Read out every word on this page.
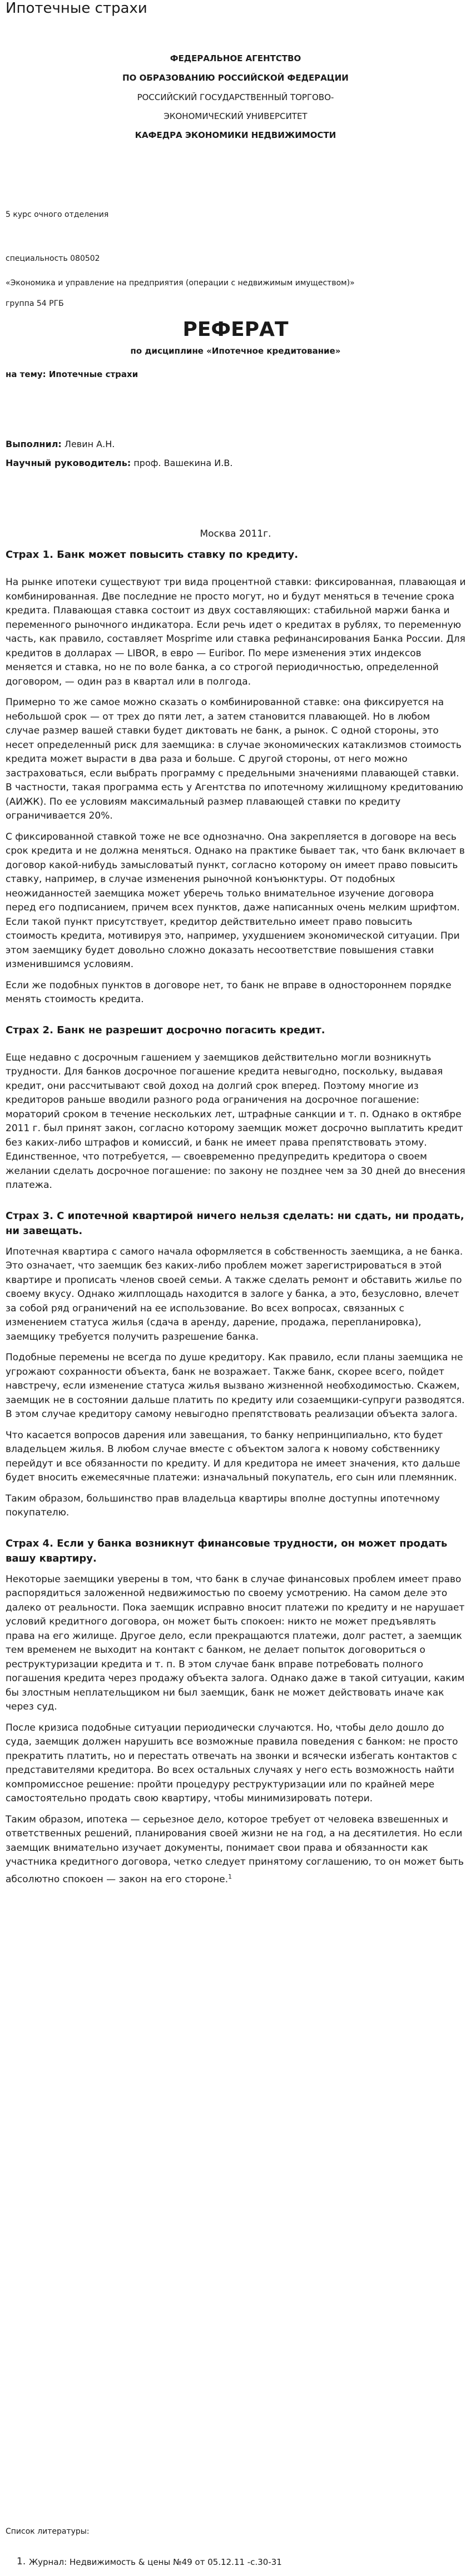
Ипотечные страхи
ФЕДЕРАЛЬНОЕ АГЕНТСТВО
ПО ОБРАЗОВАНИЮ РОССИЙСКОЙ ФЕДЕРАЦИИ
РОССИЙСКИЙ ГОСУДАРСТВЕННЫЙ ТОРГОВО-
ЭКОНОМИЧЕСКИЙ УНИВЕРСИТЕТ
КАФЕДРА ЭКОНОМИКИ НЕДВИЖИМОСТИ
5 курс очного отделения
специальность 080502
«Экономика и управление на предприятия (операции с недвижимым имуществом)»
группа 54 РГБ
РЕФЕРАТ
по дисциплине «Ипотечное кредитование»
на тему: Ипотечные страхи
Выполнил: Левин А.Н.
Научный руководитель: проф. Вашекина И.В.
Москва 2011г.
Страх 1. Банк может повысить ставку по кредиту.

На рынке ипотеки существуют три вида процентной ставки: фиксированная, плавающая и комбинированная. Две последние не просто могут, но и будут меняться в течение срока кредита. Плавающая ставка состоит из двух составляющих: стабильной маржи банка и переменного рыночного индикатора. Если речь идет о кредитах в рублях, то переменную часть, как правило, составляет Mosprime или ставка рефинансирования Банка России. Для кредитов в долларах — LIBOR, в евро — Euribor. По мере изменения этих индексов меняется и ставка, но не по воле банка, а со строгой периодичностью, определенной договором, — один раз в квартал или в полгода.

Примерно то же самое можно сказать о комбинированной ставке: она фиксируется на небольшой срок — от трех до пяти лет, а затем становится плавающей. Но в любом случае размер вашей ставки будет диктовать не банк, а рынок. С одной стороны, это несет определенный риск для заемщика: в случае экономических катаклизмов стоимость кредита может вырасти в два раза и больше. С другой стороны, от него можно застраховаться, если выбрать программу с предельными значениями плавающей ставки. В частности, такая программа есть у Агентства по ипотечному жилищному кредитованию (АИЖК). По ее условиям максимальный размер плавающей ставки по кредиту ограничивается 20%.

С фиксированной ставкой тоже не все однозначно. Она закрепляется в договоре на весь срок кредита и не должна меняться. Однако на практике бывает так, что банк включает в договор какой-нибудь замысловатый пункт, согласно которому он имеет право повысить ставку, например, в случае изменения рыночной конъюнктуры. От подобных неожиданностей заемщика может уберечь только внимательное изучение договора перед его подписанием, причем всех пунктов, даже написанных очень мелким шрифтом. Если такой пункт присутствует, кредитор действительно имеет право повысить стоимость кредита, мотивируя это, например, ухудшением экономической ситуации. При этом заемщику будет довольно сложно доказать несоответствие повышения ставки изменившимся условиям.

Если же подобных пунктов в договоре нет, то банк не вправе в одностороннем порядке менять стоимость кредита.

Страх 2. Банк не разрешит досрочно погасить кредит.

Еще недавно с досрочным гашением у заемщиков действительно могли возникнуть трудности. Для банков досрочное погашение кредита невыгодно, поскольку, выдавая кредит, они рассчитывают свой доход на долгий срок вперед. Поэтому многие из кредиторов раньше вводили разного рода ограничения на досрочное погашение: мораторий сроком в течение нескольких лет, штрафные санкции и т. п. Однако в октябре 2011 г. был принят закон, согласно которому заемщик может досрочно выплатить кредит без каких-либо штрафов и комиссий, и банк не имеет права препятствовать этому. Единственное, что потребуется, — своевременно предупредить кредитора о своем желании сделать досрочное погашение: по закону не позднее чем за 30 дней до внесения платежа.

Страх 3. С ипотечной квартирой ничего нельзя сделать: ни сдать, ни продать, ни завещать.

Ипотечная квартира с самого начала оформляется в собственность заемщика, а не банка. Это означает, что заемщик без каких-либо проблем может зарегистрироваться в этой квартире и прописать членов своей семьи. А также сделать ремонт и обставить жилье по своему вкусу. Однако жилплощадь находится в залоге у банка, а это, безусловно, влечет за собой ряд ограничений на ее использование. Во всех вопросах, связанных с изменением статуса жилья (сдача в аренду, дарение, продажа, перепланировка), заемщику требуется получить разрешение банка.

Подобные перемены не всегда по душе кредитору. Как правило, если планы заемщика не угрожают сохранности объекта, банк не возражает. Также банк, скорее всего, пойдет навстречу, если изменение статуса жилья вызвано жизненной необходимостью. Скажем, заемщик не в состоянии дальше платить по кредиту или созаемщики-супруги разводятся. В этом случае кредитору самому невыгодно препятствовать реализации объекта залога.

Что касается вопросов дарения или завещания, то банку непринципиально, кто будет владельцем жилья. В любом случае вместе с объектом залога к новому собственнику перейдут и все обязанности по кредиту. И для кредитора не имеет значения, кто дальше будет вносить ежемесячные платежи: изначальный покупатель, его сын или племянник.

Таким образом, большинство прав владельца квартиры вполне доступны ипотечному покупателю.

Страх 4. Если у банка возникнут финансовые трудности, он может продать вашу квартиру.

Некоторые заемщики уверены в том, что банк в случае финансовых проблем имеет право распорядиться заложенной недвижимостью по своему усмотрению. На самом деле это далеко от реальности. Пока заемщик исправно вносит платежи по кредиту и не нарушает условий кредитного договора, он может быть спокоен: никто не может предъявлять права на его жилище. Другое дело, если прекращаются платежи, долг растет, а заемщик тем временем не выходит на контакт с банком, не делает попыток договориться о реструктуризации кредита и т. п. В этом случае банк вправе потребовать полного погашения кредита через продажу объекта залога. Однако даже в такой ситуации, каким бы злостным неплательщиком ни был заемщик, банк не может действовать иначе как через суд.

После кризиса подобные ситуации периодически случаются. Но, чтобы дело дошло до суда, заемщик должен нарушить все возможные правила поведения с банком: не просто прекратить платить, но и перестать отвечать на звонки и всячески избегать контактов с представителями кредитора. Во всех остальных случаях у него есть возможность найти компромиссное решение: пройти процедуру реструктуризации или по крайней мере самостоятельно продать свою квартиру, чтобы минимизировать потери.

Таким образом, ипотека — серьезное дело, которое требует от человека взвешенных и ответственных решений, планирования своей жизни не на год, а на десятилетия. Но если заемщик внимательно изучает документы, понимает свои права и обязанности как участника кредитного договора, четко следует принятому соглашению, то он может быть абсолютно спокоен — закон на его стороне.$^1$

Список литературы:
1. Журнал: Недвижимость & цены №49 от 05.12.11 -с.30-31
